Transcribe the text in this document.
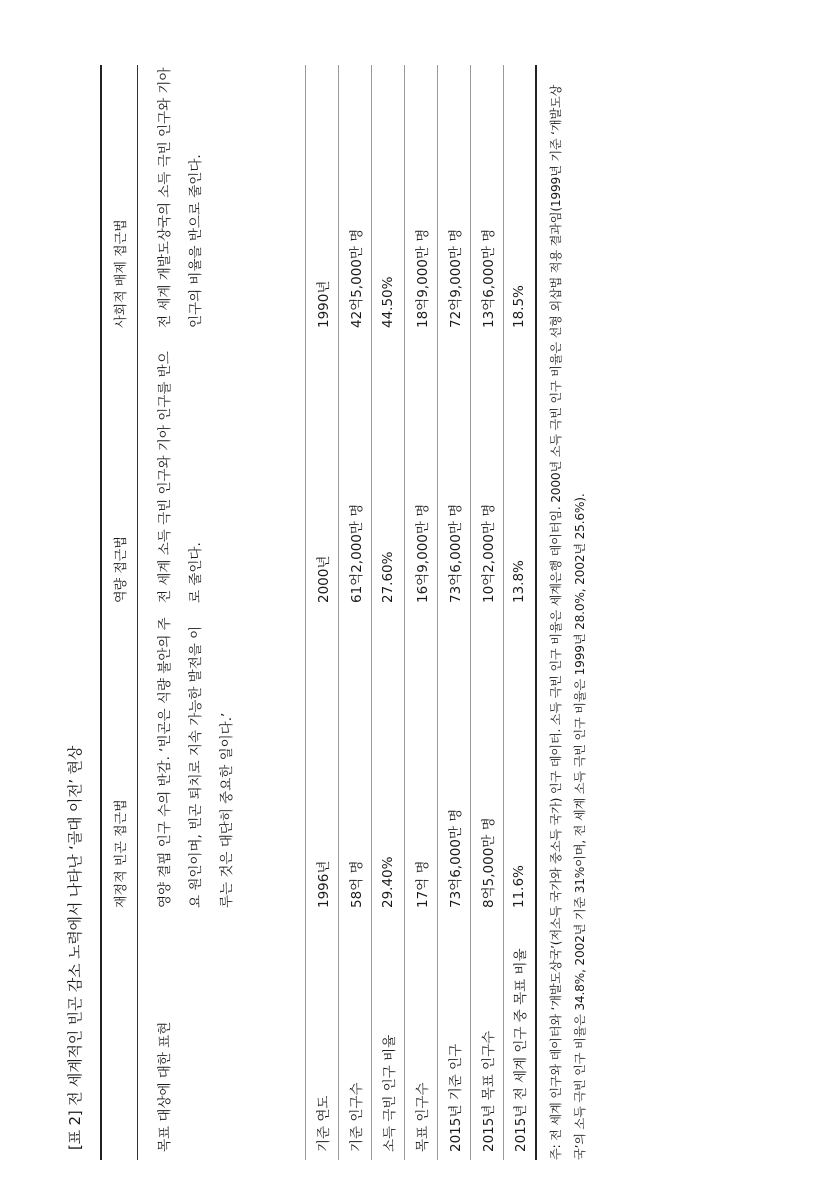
[표 2] 전 세계적인 빈곤 감소 노력에서 나타난 ‘골대 이전’ 현상
	재정적 빈곤 접근법	역량 접근법	사회적 배제 접근법
목표 대상에 대한 표현	영양 결핍 인구 수의 반감. ‘빈곤은 식량 불안의 주요 원인이며, 빈곤 퇴치로 지속 가능한 발전을 이루는 것은 대단히 중요한 일이다.’	전 세계 소득 극빈 인구와 기아 인구를 반으로 줄인다.	전 세계 개발도상국의 소득 극빈 인구와 기아 인구의 비율을 반으로 줄인다.
기준 연도	1996년	2000년	1990년
기준 인구수	58억 명	61억2,000만 명	42억5,000만 명
소득 극빈 인구 비율	29.40%	27.60%	44.50%
목표 인구수	17억 명	16억9,000만 명	18억9,000만 명
2015년 기준 인구	73억6,000만 명	73억6,000만 명	72억9,000만 명
2015년 목표 인구수	8억5,000만 명	10억2,000만 명	13억6,000만 명
2015년 전 세계 인구 중 목표 비율	11.6%	13.8%	18.5%	주: 전 세계 인구와 데이터와 ‘개발도상국’(저소득 국가와 중소득 국가) 인구 데이터. 소득 극빈 인구 비율은 세계은행 데이터임. 2000년 소득 극빈 인구 비율은 선형 외삽법 적용 결과임(1999년 기준 ‘개발도상국’의 소득 극빈 인구 비율은 34.8%, 2002년 기준 31%이며, 전 세계 소득 극빈 인구 비율은 1999년 28.0%, 2002년 25.6%).
